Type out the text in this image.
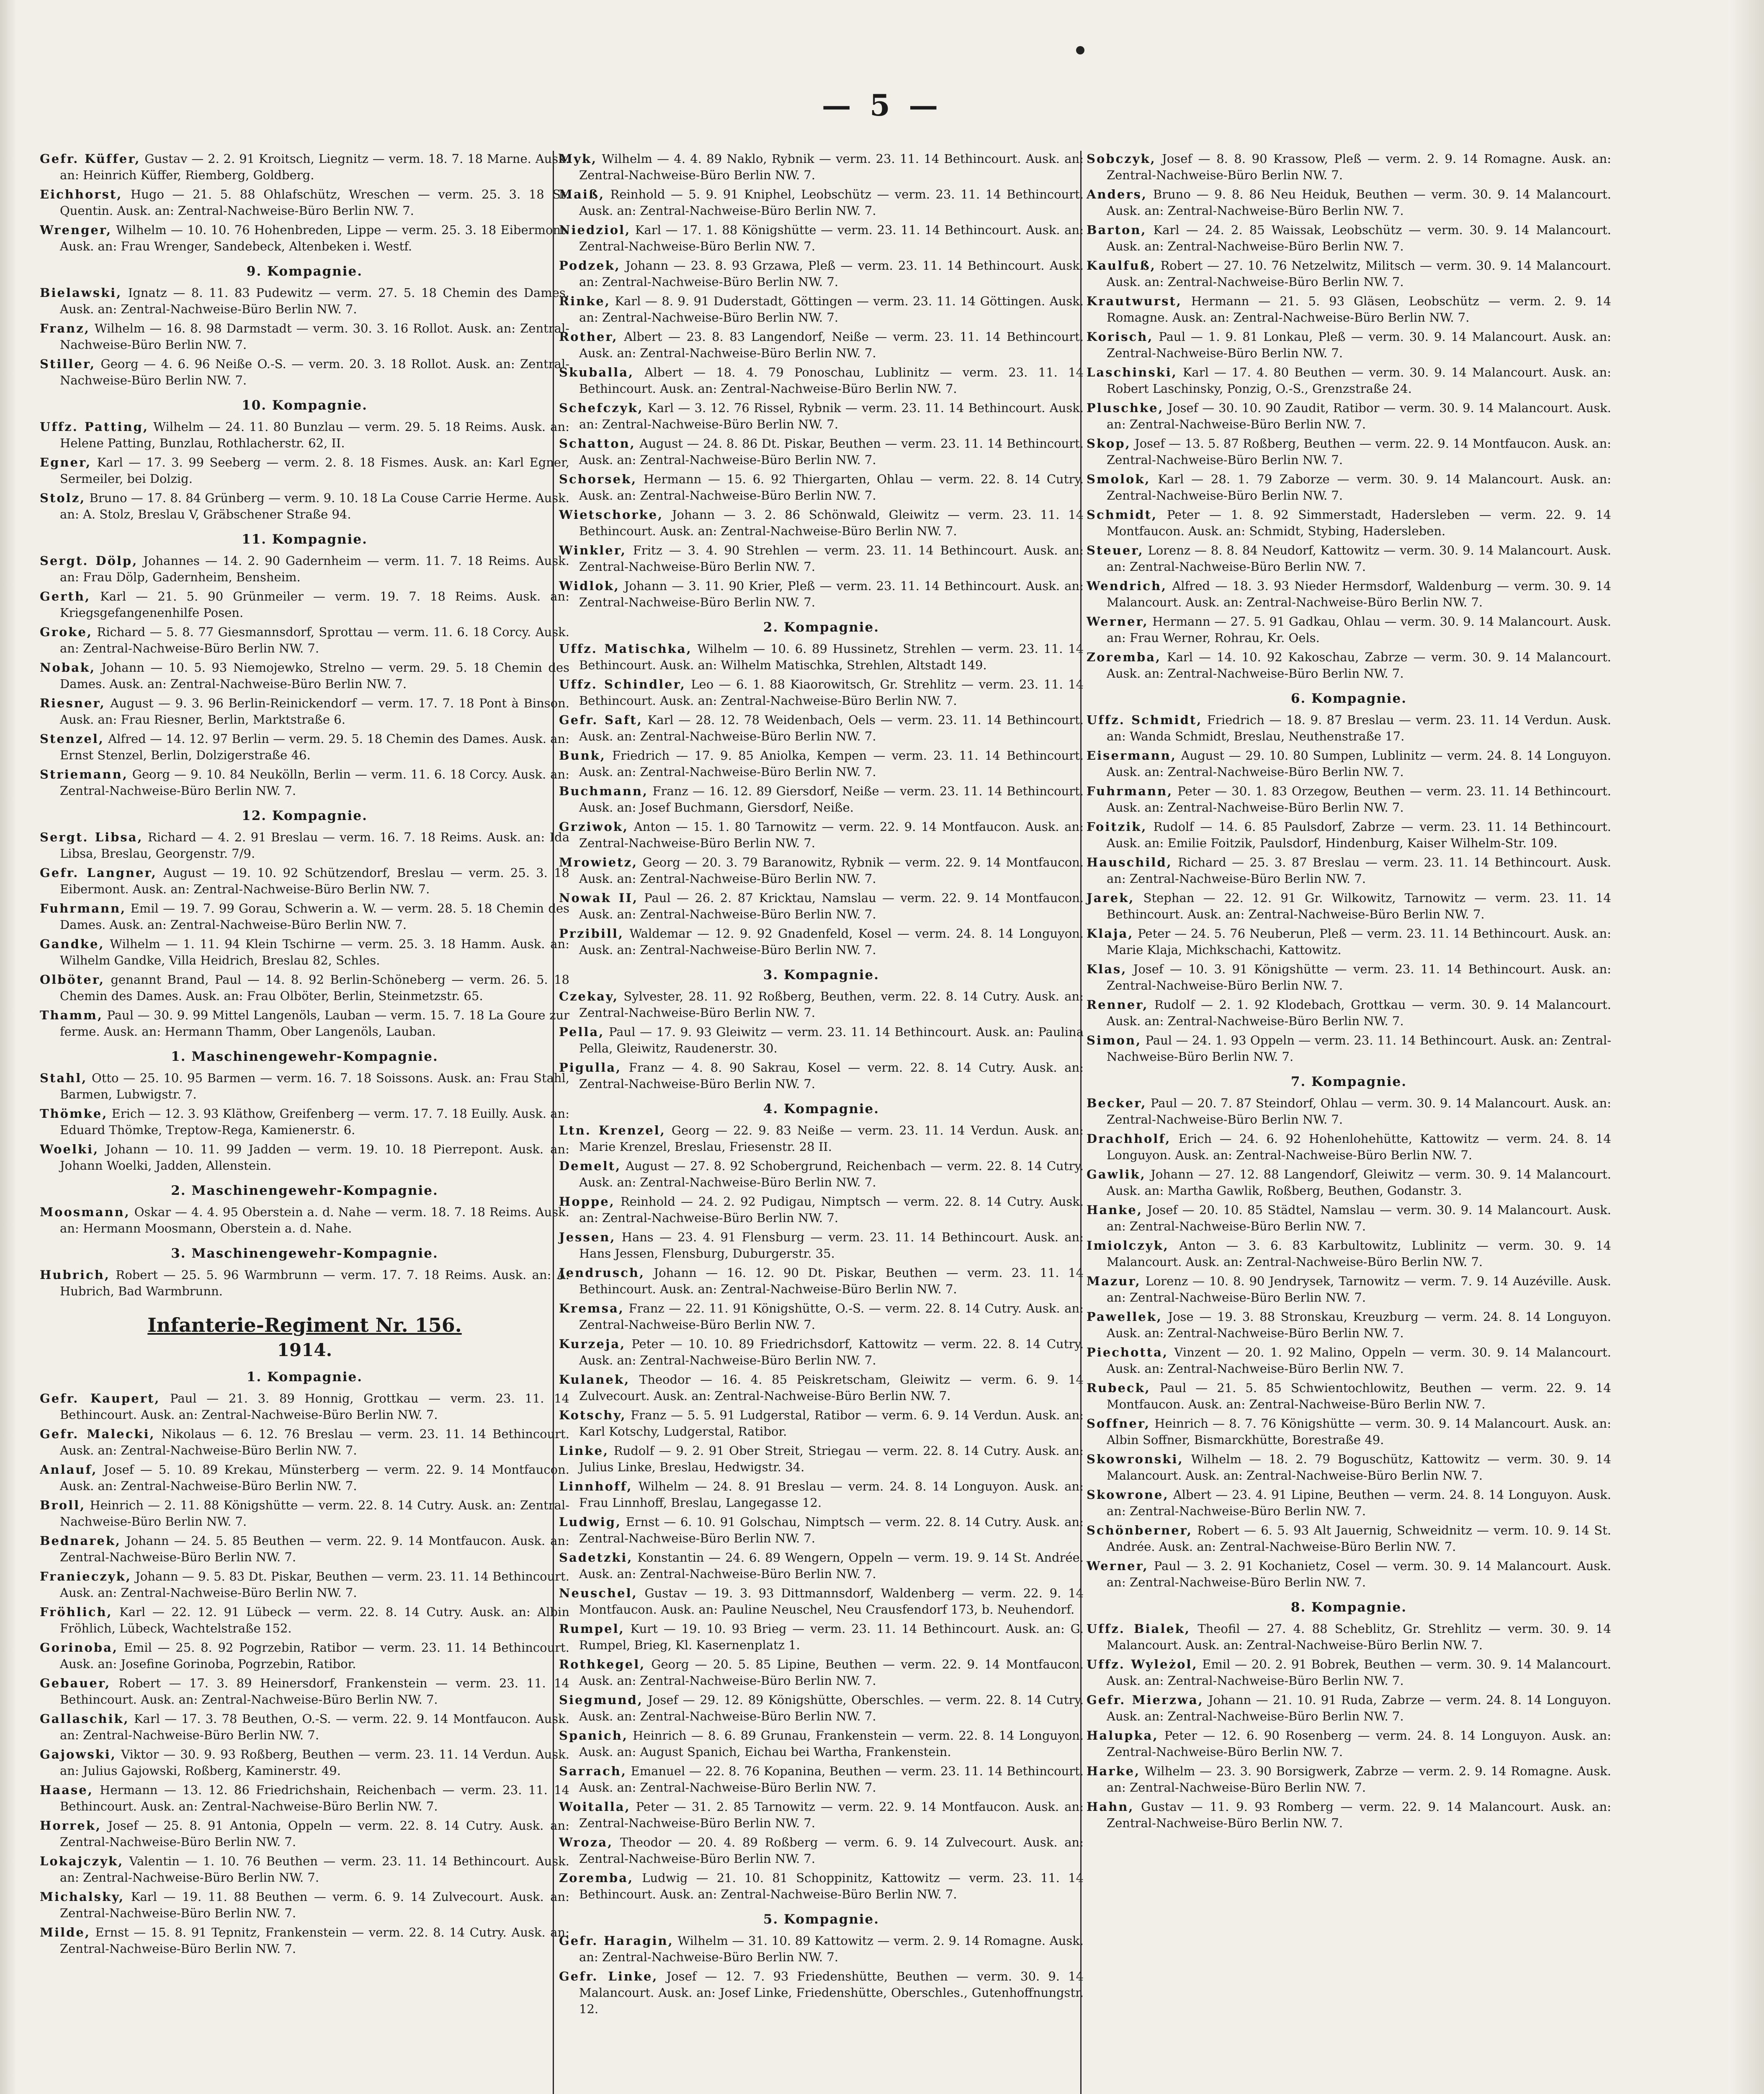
— 5 —

Gefr. Küffer, Gustav — 2. 2. 91 Kroitsch, Liegnitz — verm. 18. 7. 18 Marne. Ausk. an: Heinrich Küffer, Riemberg, Goldberg.

Eichhorst, Hugo — 21. 5. 88 Ohlafschütz, Wreschen — verm. 25. 3. 18 St. Quentin. Ausk. an: Zentral-Nachweise-Büro Berlin NW. 7.

Wrenger, Wilhelm — 10. 10. 76 Hohenbreden, Lippe — verm. 25. 3. 18 Eibermont. Ausk. an: Frau Wrenger, Sandebeck, Altenbeken i. Westf.

9. Kompagnie.

Bielawski, Ignatz — 8. 11. 83 Pudewitz — verm. 27. 5. 18 Chemin des Dames. Ausk. an: Zentral-Nachweise-Büro Berlin NW. 7.

Franz, Wilhelm — 16. 8. 98 Darmstadt — verm. 30. 3. 16 Rollot. Ausk. an: Zentral-Nachweise-Büro Berlin NW. 7.

Stiller, Georg — 4. 6. 96 Neiße O.-S. — verm. 20. 3. 18 Rollot. Ausk. an: Zentral-Nachweise-Büro Berlin NW. 7.

10. Kompagnie.

Uffz. Patting, Wilhelm — 24. 11. 80 Bunzlau — verm. 29. 5. 18 Reims. Ausk. an: Helene Patting, Bunzlau, Rothlacherstr. 62, II.

Egner, Karl — 17. 3. 99 Seeberg — verm. 2. 8. 18 Fismes. Ausk. an: Karl Egner, Sermeiler, bei Dolzig.

Stolz, Bruno — 17. 8. 84 Grünberg — verm. 9. 10. 18 La Couse Carrie Herme. Ausk. an: A. Stolz, Breslau V, Gräbschener Straße 94.

11. Kompagnie.

Sergt. Dölp, Johannes — 14. 2. 90 Gadernheim — verm. 11. 7. 18 Reims. Ausk. an: Frau Dölp, Gadernheim, Bensheim.

Gerth, Karl — 21. 5. 90 Grünmeiler — verm. 19. 7. 18 Reims. Ausk. an: Kriegsgefangenenhilfe Posen.

Groke, Richard — 5. 8. 77 Giesmannsdorf, Sprottau — verm. 11. 6. 18 Corcy. Ausk. an: Zentral-Nachweise-Büro Berlin NW. 7.

Nobak, Johann — 10. 5. 93 Niemojewko, Strelno — verm. 29. 5. 18 Chemin des Dames. Ausk. an: Zentral-Nachweise-Büro Berlin NW. 7.

Riesner, August — 9. 3. 96 Berlin-Reinickendorf — verm. 17. 7. 18 Pont à Binson. Ausk. an: Frau Riesner, Berlin, Marktstraße 6.

Stenzel, Alfred — 14. 12. 97 Berlin — verm. 29. 5. 18 Chemin des Dames. Ausk. an: Ernst Stenzel, Berlin, Dolzigerstraße 46.

Striemann, Georg — 9. 10. 84 Neukölln, Berlin — verm. 11. 6. 18 Corcy. Ausk. an: Zentral-Nachweise-Büro Berlin NW. 7.

12. Kompagnie.

Sergt. Libsa, Richard — 4. 2. 91 Breslau — verm. 16. 7. 18 Reims. Ausk. an: Ida Libsa, Breslau, Georgenstr. 7/9.

Gefr. Langner, August — 19. 10. 92 Schützendorf, Breslau — verm. 25. 3. 18 Eibermont. Ausk. an: Zentral-Nachweise-Büro Berlin NW. 7.

Fuhrmann, Emil — 19. 7. 99 Gorau, Schwerin a. W. — verm. 28. 5. 18 Chemin des Dames. Ausk. an: Zentral-Nachweise-Büro Berlin NW. 7.

Gandke, Wilhelm — 1. 11. 94 Klein Tschirne — verm. 25. 3. 18 Hamm. Ausk. an: Wilhelm Gandke, Villa Heidrich, Breslau 82, Schles.

Olböter, genannt Brand, Paul — 14. 8. 92 Berlin-Schöneberg — verm. 26. 5. 18 Chemin des Dames. Ausk. an: Frau Olböter, Berlin, Steinmetzstr. 65.

Thamm, Paul — 30. 9. 99 Mittel Langenöls, Lauban — verm. 15. 7. 18 La Goure zur ferme. Ausk. an: Hermann Thamm, Ober Langenöls, Lauban.

1. Maschinengewehr-Kompagnie.

Stahl, Otto — 25. 10. 95 Barmen — verm. 16. 7. 18 Soissons. Ausk. an: Frau Stahl, Barmen, Lubwigstr. 7.

Thömke, Erich — 12. 3. 93 Kläthow, Greifenberg — verm. 17. 7. 18 Euilly. Ausk. an: Eduard Thömke, Treptow-Rega, Kamienerstr. 6.

Woelki, Johann — 10. 11. 99 Jadden — verm. 19. 10. 18 Pierrepont. Ausk. an: Johann Woelki, Jadden, Allenstein.

2. Maschinengewehr-Kompagnie.

Moosmann, Oskar — 4. 4. 95 Oberstein a. d. Nahe — verm. 18. 7. 18 Reims. Ausk. an: Hermann Moosmann, Oberstein a. d. Nahe.

3. Maschinengewehr-Kompagnie.

Hubrich, Robert — 25. 5. 96 Warmbrunn — verm. 17. 7. 18 Reims. Ausk. an: A. Hubrich, Bad Warmbrunn.

Infanterie-Regiment Nr. 156.
1914.
1. Kompagnie.

Gefr. Kaupert, Paul — 21. 3. 89 Honnig, Grottkau — verm. 23. 11. 14 Bethincourt. Ausk. an: Zentral-Nachweise-Büro Berlin NW. 7.

Gefr. Malecki, Nikolaus — 6. 12. 76 Breslau — verm. 23. 11. 14 Bethincourt. Ausk. an: Zentral-Nachweise-Büro Berlin NW. 7.

Anlauf, Josef — 5. 10. 89 Krekau, Münsterberg — verm. 22. 9. 14 Montfaucon. Ausk. an: Zentral-Nachweise-Büro Berlin NW. 7.

Broll, Heinrich — 2. 11. 88 Königshütte — verm. 22. 8. 14 Cutry. Ausk. an: Zentral-Nachweise-Büro Berlin NW. 7.

Bednarek, Johann — 24. 5. 85 Beuthen — verm. 22. 9. 14 Montfaucon. Ausk. an: Zentral-Nachweise-Büro Berlin NW. 7.

Franieczyk, Johann — 9. 5. 83 Dt. Piskar, Beuthen — verm. 23. 11. 14 Bethincourt. Ausk. an: Zentral-Nachweise-Büro Berlin NW. 7.

Fröhlich, Karl — 22. 12. 91 Lübeck — verm. 22. 8. 14 Cutry. Ausk. an: Albin Fröhlich, Lübeck, Wachtelstraße 152.

Gorinoba, Emil — 25. 8. 92 Pogrzebin, Ratibor — verm. 23. 11. 14 Bethincourt. Ausk. an: Josefine Gorinoba, Pogrzebin, Ratibor.

Gebauer, Robert — 17. 3. 89 Heinersdorf, Frankenstein — verm. 23. 11. 14 Bethincourt. Ausk. an: Zentral-Nachweise-Büro Berlin NW. 7.

Gallaschik, Karl — 17. 3. 78 Beuthen, O.-S. — verm. 22. 9. 14 Montfaucon. Ausk. an: Zentral-Nachweise-Büro Berlin NW. 7.

Gajowski, Viktor — 30. 9. 93 Roßberg, Beuthen — verm. 23. 11. 14 Verdun. Ausk. an: Julius Gajowski, Roßberg, Kaminerstr. 49.

Haase, Hermann — 13. 12. 86 Friedrichshain, Reichenbach — verm. 23. 11. 14 Bethincourt. Ausk. an: Zentral-Nachweise-Büro Berlin NW. 7.

Horrek, Josef — 25. 8. 91 Antonia, Oppeln — verm. 22. 8. 14 Cutry. Ausk. an: Zentral-Nachweise-Büro Berlin NW. 7.

Lokajczyk, Valentin — 1. 10. 76 Beuthen — verm. 23. 11. 14 Bethincourt. Ausk. an: Zentral-Nachweise-Büro Berlin NW. 7.

Michalsky, Karl — 19. 11. 88 Beuthen — verm. 6. 9. 14 Zulvecourt. Ausk. an: Zentral-Nachweise-Büro Berlin NW. 7.

Milde, Ernst — 15. 8. 91 Tepnitz, Frankenstein — verm. 22. 8. 14 Cutry. Ausk. an: Zentral-Nachweise-Büro Berlin NW. 7.

Myk, Wilhelm — 4. 4. 89 Naklo, Rybnik — verm. 23. 11. 14 Bethincourt. Ausk. an: Zentral-Nachweise-Büro Berlin NW. 7.

Maiß, Reinhold — 5. 9. 91 Kniphel, Leobschütz — verm. 23. 11. 14 Bethincourt. Ausk. an: Zentral-Nachweise-Büro Berlin NW. 7.

Niedziol, Karl — 17. 1. 88 Königshütte — verm. 23. 11. 14 Bethincourt. Ausk. an: Zentral-Nachweise-Büro Berlin NW. 7.

Podzek, Johann — 23. 8. 93 Grzawa, Pleß — verm. 23. 11. 14 Bethincourt. Ausk. an: Zentral-Nachweise-Büro Berlin NW. 7.

Rinke, Karl — 8. 9. 91 Duderstadt, Göttingen — verm. 23. 11. 14 Göttingen. Ausk. an: Zentral-Nachweise-Büro Berlin NW. 7.

Rother, Albert — 23. 8. 83 Langendorf, Neiße — verm. 23. 11. 14 Bethincourt. Ausk. an: Zentral-Nachweise-Büro Berlin NW. 7.

Skuballa, Albert — 18. 4. 79 Ponoschau, Lublinitz — verm. 23. 11. 14 Bethincourt. Ausk. an: Zentral-Nachweise-Büro Berlin NW. 7.

Schefczyk, Karl — 3. 12. 76 Rissel, Rybnik — verm. 23. 11. 14 Bethincourt. Ausk. an: Zentral-Nachweise-Büro Berlin NW. 7.

Schatton, August — 24. 8. 86 Dt. Piskar, Beuthen — verm. 23. 11. 14 Bethincourt. Ausk. an: Zentral-Nachweise-Büro Berlin NW. 7.

Schorsek, Hermann — 15. 6. 92 Thiergarten, Ohlau — verm. 22. 8. 14 Cutry. Ausk. an: Zentral-Nachweise-Büro Berlin NW. 7.

Wietschorke, Johann — 3. 2. 86 Schönwald, Gleiwitz — verm. 23. 11. 14 Bethincourt. Ausk. an: Zentral-Nachweise-Büro Berlin NW. 7.

Winkler, Fritz — 3. 4. 90 Strehlen — verm. 23. 11. 14 Bethincourt. Ausk. an: Zentral-Nachweise-Büro Berlin NW. 7.

Widlok, Johann — 3. 11. 90 Krier, Pleß — verm. 23. 11. 14 Bethincourt. Ausk. an: Zentral-Nachweise-Büro Berlin NW. 7.

2. Kompagnie.

Uffz. Matischka, Wilhelm — 10. 6. 89 Hussinetz, Strehlen — verm. 23. 11. 14 Bethincourt. Ausk. an: Wilhelm Matischka, Strehlen, Altstadt 149.

Uffz. Schindler, Leo — 6. 1. 88 Kiaorowitsch, Gr. Strehlitz — verm. 23. 11. 14 Bethincourt. Ausk. an: Zentral-Nachweise-Büro Berlin NW. 7.

Gefr. Saft, Karl — 28. 12. 78 Weidenbach, Oels — verm. 23. 11. 14 Bethincourt. Ausk. an: Zentral-Nachweise-Büro Berlin NW. 7.

Bunk, Friedrich — 17. 9. 85 Aniolka, Kempen — verm. 23. 11. 14 Bethincourt. Ausk. an: Zentral-Nachweise-Büro Berlin NW. 7.

Buchmann, Franz — 16. 12. 89 Giersdorf, Neiße — verm. 23. 11. 14 Bethincourt. Ausk. an: Josef Buchmann, Giersdorf, Neiße.

Grziwok, Anton — 15. 1. 80 Tarnowitz — verm. 22. 9. 14 Montfaucon. Ausk. an: Zentral-Nachweise-Büro Berlin NW. 7.

Mrowietz, Georg — 20. 3. 79 Baranowitz, Rybnik — verm. 22. 9. 14 Montfaucon. Ausk. an: Zentral-Nachweise-Büro Berlin NW. 7.

Nowak II, Paul — 26. 2. 87 Kricktau, Namslau — verm. 22. 9. 14 Montfaucon. Ausk. an: Zentral-Nachweise-Büro Berlin NW. 7.

Przibill, Waldemar — 12. 9. 92 Gnadenfeld, Kosel — verm. 24. 8. 14 Longuyon. Ausk. an: Zentral-Nachweise-Büro Berlin NW. 7.

3. Kompagnie.

Czekay, Sylvester, 28. 11. 92 Roßberg, Beuthen, verm. 22. 8. 14 Cutry. Ausk. an: Zentral-Nachweise-Büro Berlin NW. 7.

Pella, Paul — 17. 9. 93 Gleiwitz — verm. 23. 11. 14 Bethincourt. Ausk. an: Paulina Pella, Gleiwitz, Raudenerstr. 30.

Pigulla, Franz — 4. 8. 90 Sakrau, Kosel — verm. 22. 8. 14 Cutry. Ausk. an: Zentral-Nachweise-Büro Berlin NW. 7.

4. Kompagnie.

Ltn. Krenzel, Georg — 22. 9. 83 Neiße — verm. 23. 11. 14 Verdun. Ausk. an: Marie Krenzel, Breslau, Friesenstr. 28 II.

Demelt, August — 27. 8. 92 Schobergrund, Reichenbach — verm. 22. 8. 14 Cutry. Ausk. an: Zentral-Nachweise-Büro Berlin NW. 7.

Hoppe, Reinhold — 24. 2. 92 Pudigau, Nimptsch — verm. 22. 8. 14 Cutry. Ausk. an: Zentral-Nachweise-Büro Berlin NW. 7.

Jessen, Hans — 23. 4. 91 Flensburg — verm. 23. 11. 14 Bethincourt. Ausk. an: Hans Jessen, Flensburg, Duburgerstr. 35.

Jendrusch, Johann — 16. 12. 90 Dt. Piskar, Beuthen — verm. 23. 11. 14 Bethincourt. Ausk. an: Zentral-Nachweise-Büro Berlin NW. 7.

Kremsa, Franz — 22. 11. 91 Königshütte, O.-S. — verm. 22. 8. 14 Cutry. Ausk. an: Zentral-Nachweise-Büro Berlin NW. 7.

Kurzeja, Peter — 10. 10. 89 Friedrichsdorf, Kattowitz — verm. 22. 8. 14 Cutry. Ausk. an: Zentral-Nachweise-Büro Berlin NW. 7.

Kulanek, Theodor — 16. 4. 85 Peiskretscham, Gleiwitz — verm. 6. 9. 14 Zulvecourt. Ausk. an: Zentral-Nachweise-Büro Berlin NW. 7.

Kotschy, Franz — 5. 5. 91 Ludgerstal, Ratibor — verm. 6. 9. 14 Verdun. Ausk. an: Karl Kotschy, Ludgerstal, Ratibor.

Linke, Rudolf — 9. 2. 91 Ober Streit, Striegau — verm. 22. 8. 14 Cutry. Ausk. an: Julius Linke, Breslau, Hedwigstr. 34.

Linnhoff, Wilhelm — 24. 8. 91 Breslau — verm. 24. 8. 14 Longuyon. Ausk. an: Frau Linnhoff, Breslau, Langegasse 12.

Ludwig, Ernst — 6. 10. 91 Golschau, Nimptsch — verm. 22. 8. 14 Cutry. Ausk. an: Zentral-Nachweise-Büro Berlin NW. 7.

Sadetzki, Konstantin — 24. 6. 89 Wengern, Oppeln — verm. 19. 9. 14 St. Andrée. Ausk. an: Zentral-Nachweise-Büro Berlin NW. 7.

Neuschel, Gustav — 19. 3. 93 Dittmannsdorf, Waldenberg — verm. 22. 9. 14 Montfaucon. Ausk. an: Pauline Neuschel, Neu Crausfendorf 173, b. Neuhendorf.

Rumpel, Kurt — 19. 10. 93 Brieg — verm. 23. 11. 14 Bethincourt. Ausk. an: G. Rumpel, Brieg, Kl. Kasernenplatz 1.

Rothkegel, Georg — 20. 5. 85 Lipine, Beuthen — verm. 22. 9. 14 Montfaucon. Ausk. an: Zentral-Nachweise-Büro Berlin NW. 7.

Siegmund, Josef — 29. 12. 89 Königshütte, Oberschles. — verm. 22. 8. 14 Cutry. Ausk. an: Zentral-Nachweise-Büro Berlin NW. 7.

Spanich, Heinrich — 8. 6. 89 Grunau, Frankenstein — verm. 22. 8. 14 Longuyon. Ausk. an: August Spanich, Eichau bei Wartha, Frankenstein.

Sarrach, Emanuel — 22. 8. 76 Kopanina, Beuthen — verm. 23. 11. 14 Bethincourt. Ausk. an: Zentral-Nachweise-Büro Berlin NW. 7.

Woitalla, Peter — 31. 2. 85 Tarnowitz — verm. 22. 9. 14 Montfaucon. Ausk. an: Zentral-Nachweise-Büro Berlin NW. 7.

Wroza, Theodor — 20. 4. 89 Roßberg — verm. 6. 9. 14 Zulvecourt. Ausk. an: Zentral-Nachweise-Büro Berlin NW. 7.

Zoremba, Ludwig — 21. 10. 81 Schoppinitz, Kattowitz — verm. 23. 11. 14 Bethincourt. Ausk. an: Zentral-Nachweise-Büro Berlin NW. 7.

5. Kompagnie.

Gefr. Haragin, Wilhelm — 31. 10. 89 Kattowitz — verm. 2. 9. 14 Romagne. Ausk. an: Zentral-Nachweise-Büro Berlin NW. 7.

Gefr. Linke, Josef — 12. 7. 93 Friedenshütte, Beuthen — verm. 30. 9. 14 Malancourt. Ausk. an: Josef Linke, Friedenshütte, Oberschles., Gutenhoffnungstr. 12.

Sobczyk, Josef — 8. 8. 90 Krassow, Pleß — verm. 2. 9. 14 Romagne. Ausk. an: Zentral-Nachweise-Büro Berlin NW. 7.

Anders, Bruno — 9. 8. 86 Neu Heiduk, Beuthen — verm. 30. 9. 14 Malancourt. Ausk. an: Zentral-Nachweise-Büro Berlin NW. 7.

Barton, Karl — 24. 2. 85 Waissak, Leobschütz — verm. 30. 9. 14 Malancourt. Ausk. an: Zentral-Nachweise-Büro Berlin NW. 7.

Kaulfuß, Robert — 27. 10. 76 Netzelwitz, Militsch — verm. 30. 9. 14 Malancourt. Ausk. an: Zentral-Nachweise-Büro Berlin NW. 7.

Krautwurst, Hermann — 21. 5. 93 Gläsen, Leobschütz — verm. 2. 9. 14 Romagne. Ausk. an: Zentral-Nachweise-Büro Berlin NW. 7.

Korisch, Paul — 1. 9. 81 Lonkau, Pleß — verm. 30. 9. 14 Malancourt. Ausk. an: Zentral-Nachweise-Büro Berlin NW. 7.

Laschinski, Karl — 17. 4. 80 Beuthen — verm. 30. 9. 14 Malancourt. Ausk. an: Robert Laschinsky, Ponzig, O.-S., Grenzstraße 24.

Pluschke, Josef — 30. 10. 90 Zaudit, Ratibor — verm. 30. 9. 14 Malancourt. Ausk. an: Zentral-Nachweise-Büro Berlin NW. 7.

Skop, Josef — 13. 5. 87 Roßberg, Beuthen — verm. 22. 9. 14 Montfaucon. Ausk. an: Zentral-Nachweise-Büro Berlin NW. 7.

Smolok, Karl — 28. 1. 79 Zaborze — verm. 30. 9. 14 Malancourt. Ausk. an: Zentral-Nachweise-Büro Berlin NW. 7.

Schmidt, Peter — 1. 8. 92 Simmerstadt, Hadersleben — verm. 22. 9. 14 Montfaucon. Ausk. an: Schmidt, Stybing, Hadersleben.

Steuer, Lorenz — 8. 8. 84 Neudorf, Kattowitz — verm. 30. 9. 14 Malancourt. Ausk. an: Zentral-Nachweise-Büro Berlin NW. 7.

Wendrich, Alfred — 18. 3. 93 Nieder Hermsdorf, Waldenburg — verm. 30. 9. 14 Malancourt. Ausk. an: Zentral-Nachweise-Büro Berlin NW. 7.

Werner, Hermann — 27. 5. 91 Gadkau, Ohlau — verm. 30. 9. 14 Malancourt. Ausk. an: Frau Werner, Rohrau, Kr. Oels.

Zoremba, Karl — 14. 10. 92 Kakoschau, Zabrze — verm. 30. 9. 14 Malancourt. Ausk. an: Zentral-Nachweise-Büro Berlin NW. 7.

6. Kompagnie.

Uffz. Schmidt, Friedrich — 18. 9. 87 Breslau — verm. 23. 11. 14 Verdun. Ausk. an: Wanda Schmidt, Breslau, Neuthenstraße 17.

Eisermann, August — 29. 10. 80 Sumpen, Lublinitz — verm. 24. 8. 14 Longuyon. Ausk. an: Zentral-Nachweise-Büro Berlin NW. 7.

Fuhrmann, Peter — 30. 1. 83 Orzegow, Beuthen — verm. 23. 11. 14 Bethincourt. Ausk. an: Zentral-Nachweise-Büro Berlin NW. 7.

Foitzik, Rudolf — 14. 6. 85 Paulsdorf, Zabrze — verm. 23. 11. 14 Bethincourt. Ausk. an: Emilie Foitzik, Paulsdorf, Hindenburg, Kaiser Wilhelm-Str. 109.

Hauschild, Richard — 25. 3. 87 Breslau — verm. 23. 11. 14 Bethincourt. Ausk. an: Zentral-Nachweise-Büro Berlin NW. 7.

Jarek, Stephan — 22. 12. 91 Gr. Wilkowitz, Tarnowitz — verm. 23. 11. 14 Bethincourt. Ausk. an: Zentral-Nachweise-Büro Berlin NW. 7.

Klaja, Peter — 24. 5. 76 Neuberun, Pleß — verm. 23. 11. 14 Bethincourt. Ausk. an: Marie Klaja, Michkschachi, Kattowitz.

Klas, Josef — 10. 3. 91 Königshütte — verm. 23. 11. 14 Bethincourt. Ausk. an: Zentral-Nachweise-Büro Berlin NW. 7.

Renner, Rudolf — 2. 1. 92 Klodebach, Grottkau — verm. 30. 9. 14 Malancourt. Ausk. an: Zentral-Nachweise-Büro Berlin NW. 7.

Simon, Paul — 24. 1. 93 Oppeln — verm. 23. 11. 14 Bethincourt. Ausk. an: Zentral-Nachweise-Büro Berlin NW. 7.

7. Kompagnie.

Becker, Paul — 20. 7. 87 Steindorf, Ohlau — verm. 30. 9. 14 Malancourt. Ausk. an: Zentral-Nachweise-Büro Berlin NW. 7.

Drachholf, Erich — 24. 6. 92 Hohenlohehütte, Kattowitz — verm. 24. 8. 14 Longuyon. Ausk. an: Zentral-Nachweise-Büro Berlin NW. 7.

Gawlik, Johann — 27. 12. 88 Langendorf, Gleiwitz — verm. 30. 9. 14 Malancourt. Ausk. an: Martha Gawlik, Roßberg, Beuthen, Godanstr. 3.

Hanke, Josef — 20. 10. 85 Städtel, Namslau — verm. 30. 9. 14 Malancourt. Ausk. an: Zentral-Nachweise-Büro Berlin NW. 7.

Imiolczyk, Anton — 3. 6. 83 Karbultowitz, Lublinitz — verm. 30. 9. 14 Malancourt. Ausk. an: Zentral-Nachweise-Büro Berlin NW. 7.

Mazur, Lorenz — 10. 8. 90 Jendrysek, Tarnowitz — verm. 7. 9. 14 Auzéville. Ausk. an: Zentral-Nachweise-Büro Berlin NW. 7.

Pawellek, Jose — 19. 3. 88 Stronskau, Kreuzburg — verm. 24. 8. 14 Longuyon. Ausk. an: Zentral-Nachweise-Büro Berlin NW. 7.

Piechotta, Vinzent — 20. 1. 92 Malino, Oppeln — verm. 30. 9. 14 Malancourt. Ausk. an: Zentral-Nachweise-Büro Berlin NW. 7.

Rubeck, Paul — 21. 5. 85 Schwientochlowitz, Beuthen — verm. 22. 9. 14 Montfaucon. Ausk. an: Zentral-Nachweise-Büro Berlin NW. 7.

Soffner, Heinrich — 8. 7. 76 Königshütte — verm. 30. 9. 14 Malancourt. Ausk. an: Albin Soffner, Bismarckhütte, Borestraße 49.

Skowronski, Wilhelm — 18. 2. 79 Boguschütz, Kattowitz — verm. 30. 9. 14 Malancourt. Ausk. an: Zentral-Nachweise-Büro Berlin NW. 7.

Skowrone, Albert — 23. 4. 91 Lipine, Beuthen — verm. 24. 8. 14 Longuyon. Ausk. an: Zentral-Nachweise-Büro Berlin NW. 7.

Schönberner, Robert — 6. 5. 93 Alt Jauernig, Schweidnitz — verm. 10. 9. 14 St. Andrée. Ausk. an: Zentral-Nachweise-Büro Berlin NW. 7.

Werner, Paul — 3. 2. 91 Kochanietz, Cosel — verm. 30. 9. 14 Malancourt. Ausk. an: Zentral-Nachweise-Büro Berlin NW. 7.

8. Kompagnie.

Uffz. Bialek, Theofil — 27. 4. 88 Scheblitz, Gr. Strehlitz — verm. 30. 9. 14 Malancourt. Ausk. an: Zentral-Nachweise-Büro Berlin NW. 7.

Uffz. Wyleżol, Emil — 20. 2. 91 Bobrek, Beuthen — verm. 30. 9. 14 Malancourt. Ausk. an: Zentral-Nachweise-Büro Berlin NW. 7.

Gefr. Mierzwa, Johann — 21. 10. 91 Ruda, Zabrze — verm. 24. 8. 14 Longuyon. Ausk. an: Zentral-Nachweise-Büro Berlin NW. 7.

Halupka, Peter — 12. 6. 90 Rosenberg — verm. 24. 8. 14 Longuyon. Ausk. an: Zentral-Nachweise-Büro Berlin NW. 7.

Harke, Wilhelm — 23. 3. 90 Borsigwerk, Zabrze — verm. 2. 9. 14 Romagne. Ausk. an: Zentral-Nachweise-Büro Berlin NW. 7.

Hahn, Gustav — 11. 9. 93 Romberg — verm. 22. 9. 14 Malancourt. Ausk. an: Zentral-Nachweise-Büro Berlin NW. 7.
